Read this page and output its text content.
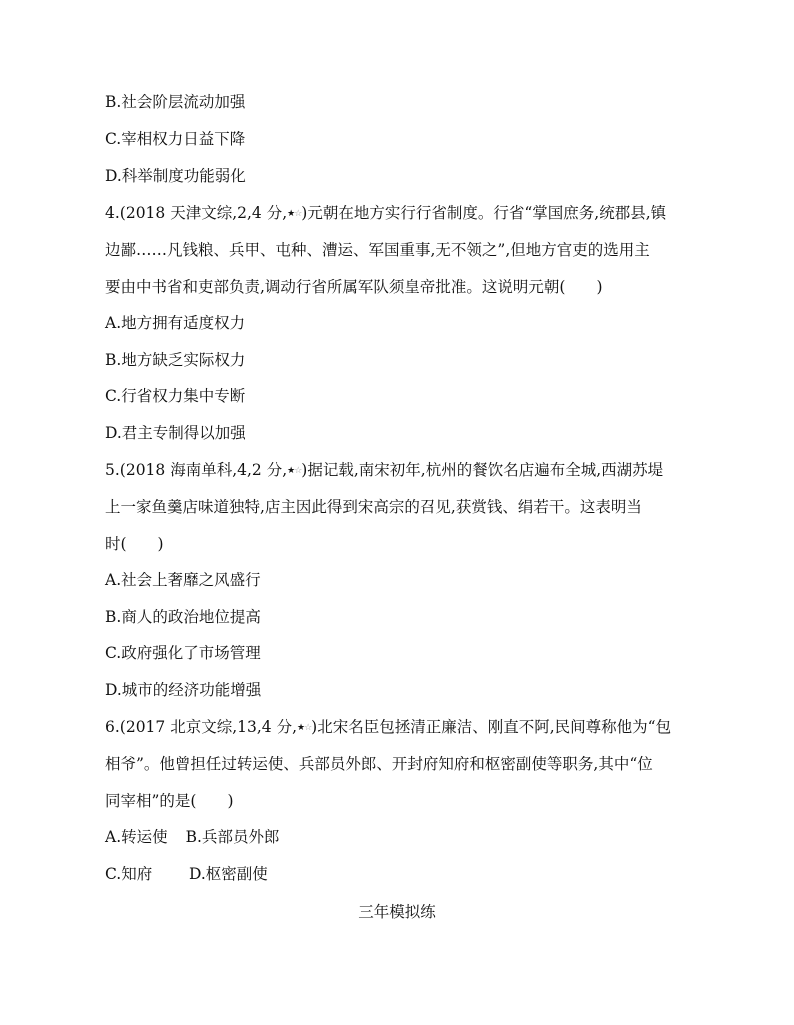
B.社会阶层流动加强
C.宰相权力日益下降
D.科举制度功能弱化
4.(2018 天津文综,2,4 分,★☆)元朝在地方实行行省制度。行省“掌国庶务,统郡县,镇
边鄙……凡钱粮、兵甲、屯种、漕运、军国重事,无不领之”,但地方官吏的选用主
要由中书省和吏部负责,调动行省所属军队须皇帝批准。这说明元朝(　　)
A.地方拥有适度权力
B.地方缺乏实际权力
C.行省权力集中专断
D.君主专制得以加强
5.(2018 海南单科,4,2 分,★☆)据记载,南宋初年,杭州的餐饮名店遍布全城,西湖苏堤
上一家鱼羹店味道独特,店主因此得到宋高宗的召见,获赏钱、绢若干。这表明当
时(　　)
A.社会上奢靡之风盛行
B.商人的政治地位提高
C.政府强化了市场管理
D.城市的经济功能增强
6.(2017 北京文综,13,4 分,★☆)北宋名臣包拯清正廉洁、刚直不阿,民间尊称他为“包
相爷”。他曾担任过转运使、兵部员外郎、开封府知府和枢密副使等职务,其中“位
同宰相”的是(　　)
A.转运使 B.兵部员外郎
C.知府 D.枢密副使
三年模拟练
